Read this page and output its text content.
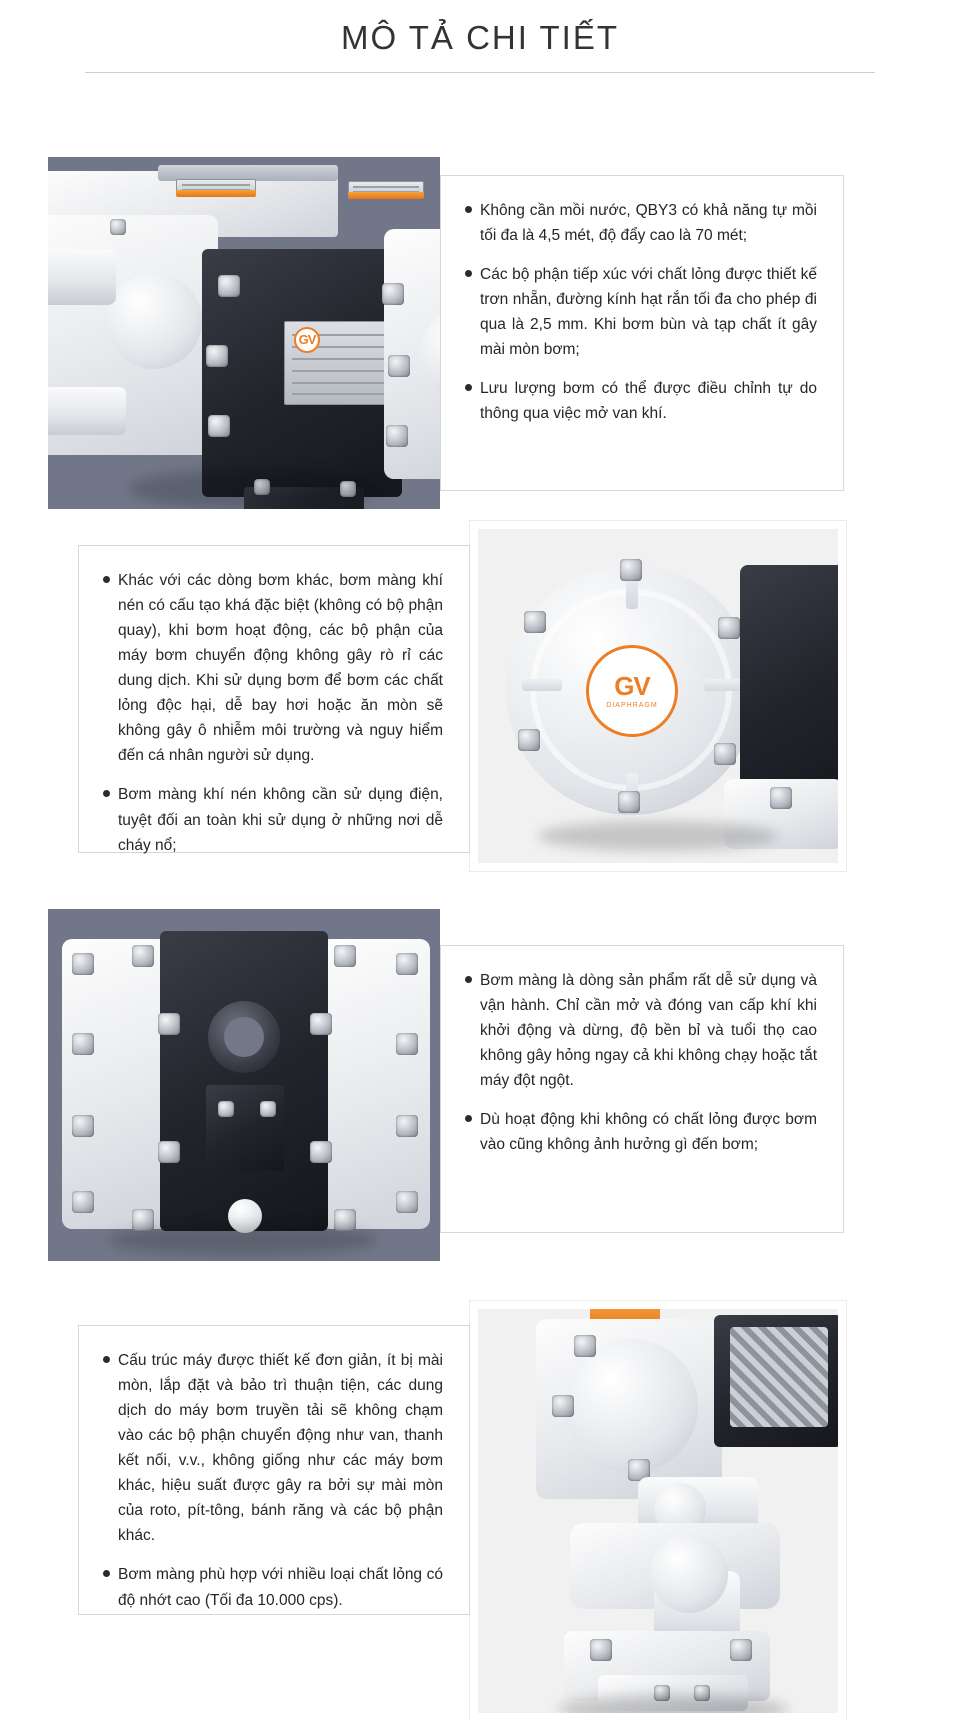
MÔ TẢ CHI TIẾT
GV
Không cần mồi nước, QBY3 có khả năng tự mồi tối đa là 4,5 mét, độ đẩy cao là 70 mét;
Các bộ phận tiếp xúc với chất lỏng được thiết kế trơn nhẵn, đường kính hạt rắn tối đa cho phép đi qua là 2,5 mm. Khi bơm bùn và tạp chất ít gây mài mòn bơm;
Lưu lượng bơm có thể được điều chỉnh tự do thông qua việc mở van khí.
GV
DIAPHRAGM
Khác với các dòng bơm khác, bơm màng khí nén có cấu tạo khá đặc biệt (không có bộ phận quay), khi bơm hoạt động, các bộ phận của máy bơm chuyển động không gây rò rỉ các dung dịch. Khi sử dụng bơm để bơm các chất lỏng độc hại, dễ bay hơi hoặc ăn mòn sẽ không gây ô nhiễm môi trường và nguy hiểm đến cá nhân người sử dụng.
Bơm màng khí nén không cần sử dụng điện, tuyệt đối an toàn khi sử dụng ở những nơi dễ cháy nổ;
Bơm màng là dòng sản phẩm rất dễ sử dụng và vận hành. Chỉ cần mở và đóng van cấp khí khi khởi động và dừng, độ bền bỉ và tuổi thọ cao không gây hỏng ngay cả khi không chạy hoặc tắt máy đột ngột.
Dù hoạt động khi không có chất lỏng được bơm vào cũng không ảnh hưởng gì đến bơm;
Cấu trúc máy được thiết kế đơn giản, ít bị mài mòn, lắp đặt và bảo trì thuận tiện, các dung dịch do máy bơm truyền tải sẽ không chạm vào các bộ phận chuyển động như van, thanh kết nối, v.v., không giống như các máy bơm khác, hiệu suất được gây ra bởi sự mài mòn của roto, pít-tông, bánh răng và các bộ phận khác.
Bơm màng phù hợp với nhiều loại chất lỏng có độ nhớt cao (Tối đa 10.000 cps).
